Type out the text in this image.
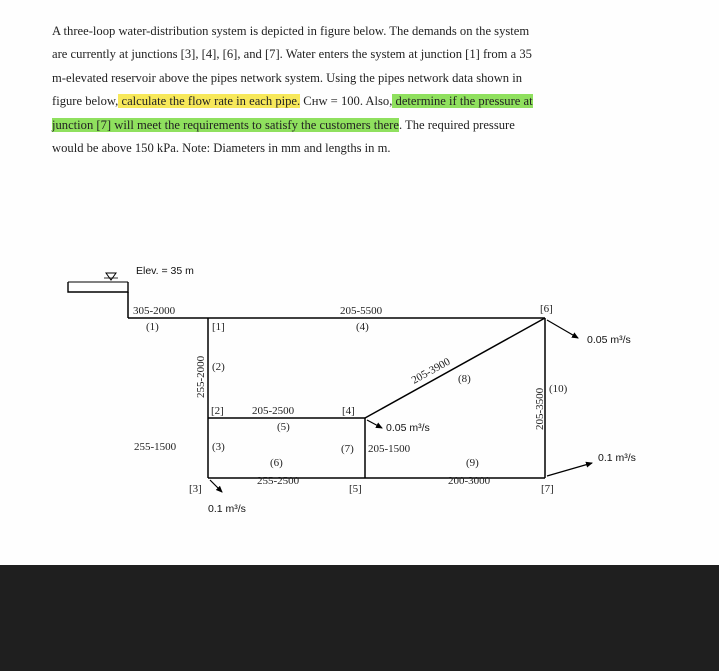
A three-loop water-distribution system is depicted in figure below. The demands on the system
are currently at junctions [3], [4], [6], and [7]. Water enters the system at junction [1] from a 35
m-elevated reservoir above the pipes network system. Using the pipes network data shown in
figure below, calculate the flow rate in each pipe. Cʜᴡ = 100. Also, determine if the pressure at
junction [7] will meet the requirements to satisfy the customers there. The required pressure
would be above 150 kPa. Note: Diameters in mm and lengths in m.

Elev. = 35 m
305-2000
(1)
255-2000 (2)
255-1500	(3)
205-5500
(4)
205-2500
(5)
(6)
255-2500
(7) 205-1500
205-3900 (8)
(9)
200-3000
205-3500 (10)
[1]
[2]
[3]
[4]
[5]
[6]
[7]
0.1 m³/s
0.05 m³/s
0.05 m³/s
0.1 m³/s
